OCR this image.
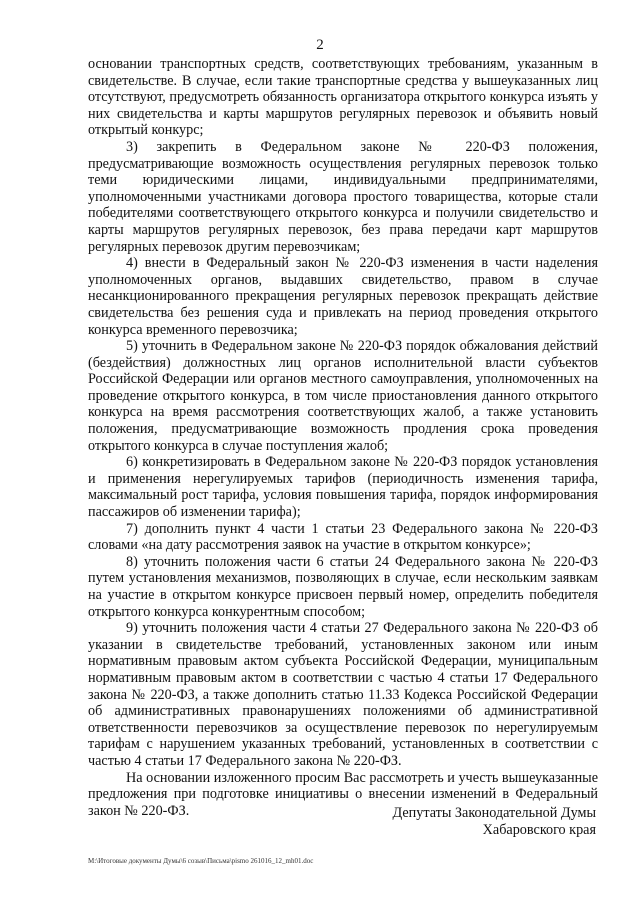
2

основании транспортных средств, соответствующих требованиям, указанным в свидетельстве. В случае, если такие транспортные средства у вышеуказанных лиц отсутствуют, предусмотреть обязанность организатора открытого конкурса изъять у них свидетельства и карты маршрутов регулярных перевозок и объявить новый открытый конкурс;

3) закрепить в Федеральном законе № 220-ФЗ положения, предусматривающие возможность осуществления регулярных перевозок только теми юридическими лицами, индивидуальными предпринимателями, уполномоченными участниками договора простого товарищества, которые стали победителями соответствующего открытого конкурса и получили свидетельство и карты маршрутов регулярных перевозок, без права передачи карт маршрутов регулярных перевозок другим перевозчикам;

4) внести в Федеральный закон № 220-ФЗ изменения в части наделения уполномоченных органов, выдавших свидетельство, правом в случае несанкционированного прекращения регулярных перевозок прекращать действие свидетельства без решения суда и привлекать на период проведения открытого конкурса временного перевозчика;

5) уточнить в Федеральном законе № 220-ФЗ порядок обжалования действий (бездействия) должностных лиц органов исполнительной власти субъектов Российской Федерации или органов местного самоуправления, уполномоченных на проведение открытого конкурса, в том числе приостановления данного открытого конкурса на время рассмотрения соответствующих жалоб, а также установить положения, предусматривающие возможность продления срока проведения открытого конкурса в случае поступления жалоб;

6) конкретизировать в Федеральном законе № 220-ФЗ порядок установления и применения нерегулируемых тарифов (периодичность изменения тарифа, максимальный рост тарифа, условия повышения тарифа, порядок информирования пассажиров об изменении тарифа);

7) дополнить пункт 4 части 1 статьи 23 Федерального закона № 220-ФЗ словами «на дату рассмотрения заявок на участие в открытом конкурсе»;

8) уточнить положения части 6 статьи 24 Федерального закона № 220-ФЗ путем установления механизмов, позволяющих в случае, если нескольким заявкам на участие в открытом конкурсе присвоен первый номер, определить победителя открытого конкурса конкурентным способом;

9) уточнить положения части 4 статьи 27 Федерального закона № 220-ФЗ об указании в свидетельстве требований, установленных законом или иным нормативным правовым актом субъекта Российской Федерации, муниципальным нормативным правовым актом в соответствии с частью 4 статьи 17 Федерального закона № 220-ФЗ, а также дополнить статью 11.33 Кодекса Российской Федерации об административных правонарушениях положениями об административной ответственности перевозчиков за осуществление перевозок по нерегулируемым тарифам с нарушением указанных требований, установленных в соответствии с частью 4 статьи 17 Федерального закона № 220-ФЗ.

На основании изложенного просим Вас рассмотреть и учесть вышеуказанные предложения при подготовке инициативы о внесении изменений в Федеральный закон № 220-ФЗ.	Депутаты Законодательной Думы
Хабаровского края
M:\Итоговые документы Думы\6 созыв\Письма\pismo 261016_12_mh01.doc
